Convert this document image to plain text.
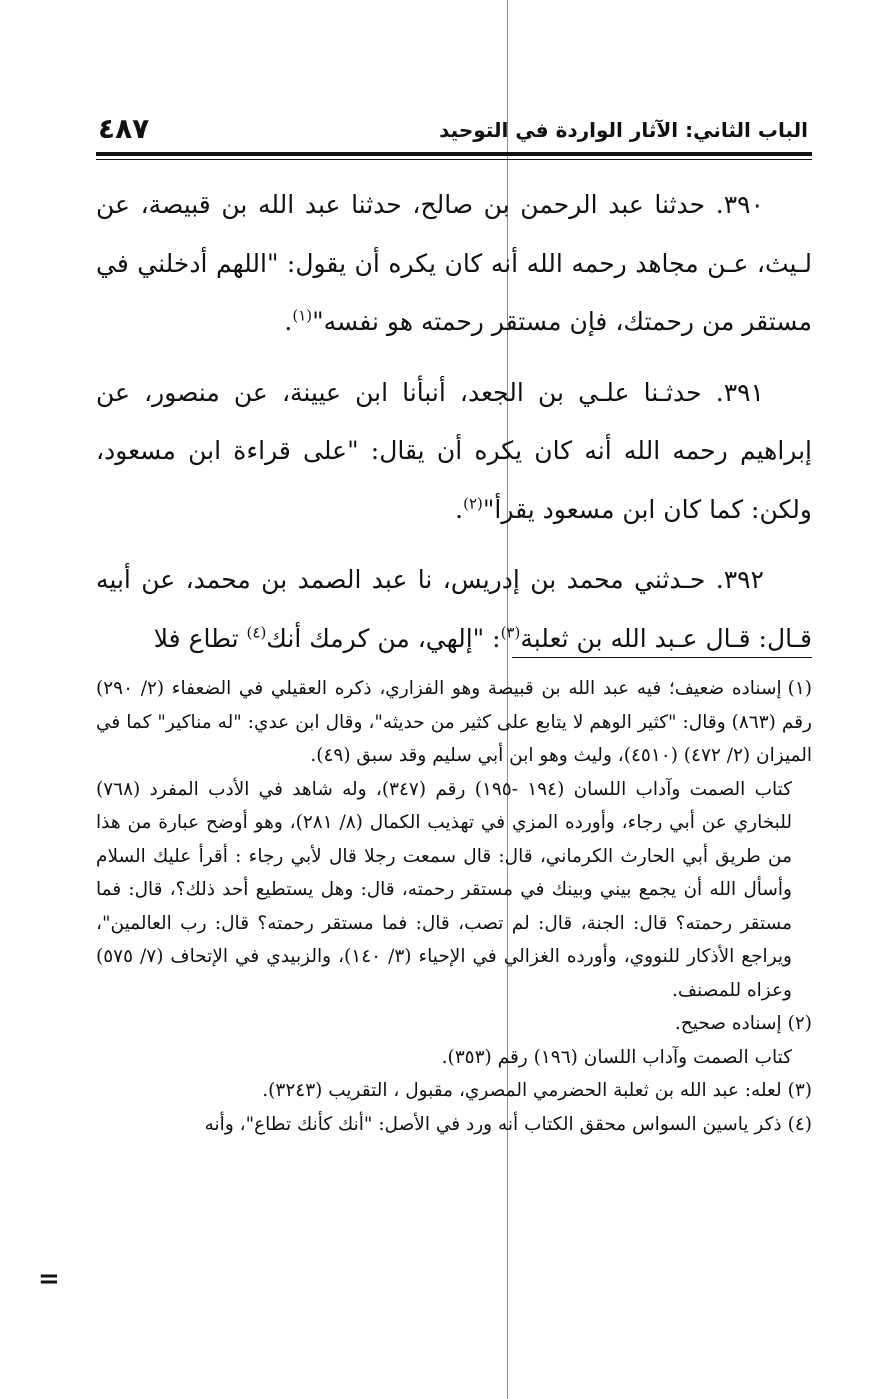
الباب الثاني: الآثار الواردة في التوحيد
٤٨٧

٣٩٠. حدثنا عبد الرحمن بن صالح، حدثنا عبد الله بن قبيصة، عن لـيث، عـن مجاهد رحمه الله أنه كان يكره أن يقول: "اللهم أدخلني في مستقر من رحمتك، فإن مستقر رحمته هو نفسه"$^{(١)}$.

٣٩١. حدثـنا علـي بن الجعد، أنبأنا ابن عيينة، عن منصور، عن إبراهيم رحمه الله أنه كان يكره أن يقال: "على قراءة ابن مسعود، ولكن: كما كان ابن مسعود يقرأ"$^{(٢)}$.

٣٩٢. حـدثني محمد بن إدريس، نا عبد الصمد بن محمد، عن أبيه قـال: قـال عـبد الله بن ثعلبة$^{(٣)}$: "إلهي، من كرمك أنك$^{(٤)}$ تطاع فلا

(١)إسناده ضعيف؛ فيه عبد الله بن قبيصة وهو الفزاري، ذكره العقيلي في الضعفاء (٢/ ٢٩٠) رقم (٨٦٣) وقال: "كثير الوهم لا يتابع على كثير من حديثه"، وقال ابن عدي: "له مناكير" كما في الميزان (٢/ ٤٧٢) (٤٥١٠)، وليث وهو ابن أبي سليم وقد سبق (٤٩).

كتاب الصمت وآداب اللسان (١٩٤ -١٩٥) رقم (٣٤٧)، وله شاهد في الأدب المفرد (٧٦٨) للبخاري عن أبي رجاء، وأورده المزي في تهذيب الكمال (٨/ ٢٨١)، وهو أوضح عبارة من هذا من طريق أبي الحارث الكرماني، قال: قال سمعت رجلا قال لأبي رجاء : أقرأ عليك السلام وأسأل الله أن يجمع بيني وبينك في مستقر رحمته، قال: وهل يستطيع أحد ذلك؟، قال: فما مستقر رحمته؟ قال: الجنة، قال: لم تصب، قال: فما مستقر رحمته؟ قال: رب العالمين"، ويراجع الأذكار للنووي، وأورده الغزالي في الإحياء (٣/ ١٤٠)، والزبيدي في الإتحاف (٧/ ٥٧٥) وعزاه للمصنف.

(٢)إسناده صحيح.

كتاب الصمت وآداب اللسان (١٩٦) رقم (٣٥٣).

(٣)لعله: عبد الله بن ثعلبة الحضرمي المصري، مقبول ، التقريب (٣٢٤٣).

(٤)ذكر ياسين السواس محقق الكتاب أنه ورد في الأصل: "أنك كأنك تطاع"، وأنه

=
